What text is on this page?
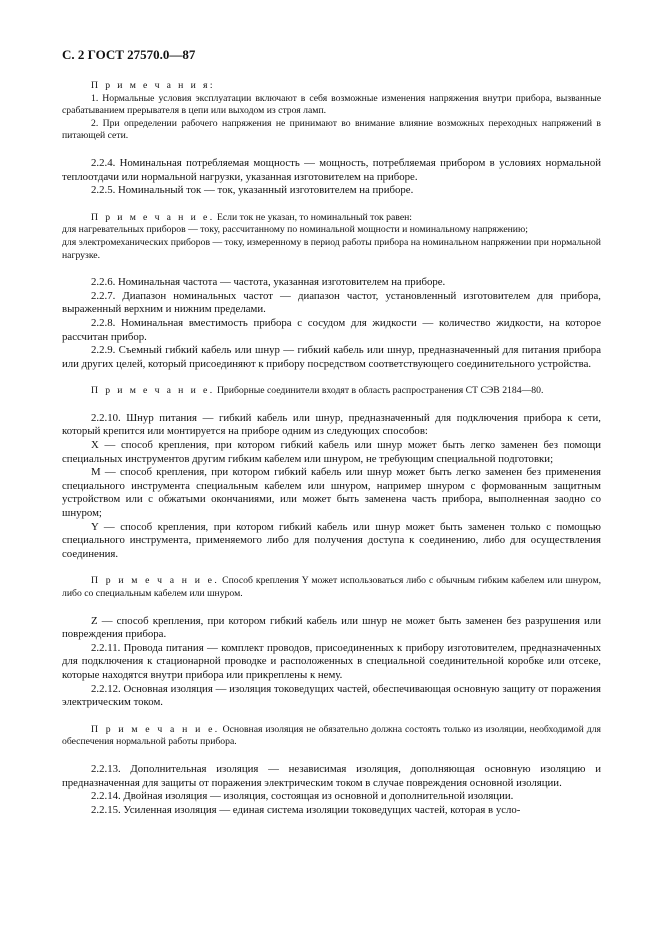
С. 2 ГОСТ 27570.0—87

П р и м е ч а н и я:

1. Нормальные условия эксплуатации включают в себя возможные изменения напряжения внутри прибора, вызванные срабатыванием прерывателя в цепи или выходом из строя ламп.

2. При определении рабочего напряжения не принимают во внимание влияние возможных переходных напряжений в питающей сети.

2.2.4. Номинальная потребляемая мощность — мощность, потребляемая прибором в условиях нормальной теплоотдачи или нормальной нагрузки, указанная изготовителем на приборе.

2.2.5. Номинальный ток — ток, указанный изготовителем на приборе.

П р и м е ч а н и е. Если ток не указан, то номинальный ток равен:

для нагревательных приборов — току, рассчитанному по номинальной мощности и номинальному напряжению;

для электромеханических приборов — току, измеренному в период работы прибора на номинальном напряжении при нормальной нагрузке.

2.2.6. Номинальная частота — частота, указанная изготовителем на приборе.

2.2.7. Диапазон номинальных частот — диапазон частот, установленный изготовителем для прибора, выраженный верхним и нижним пределами.

2.2.8. Номинальная вместимость прибора с сосудом для жидкости — количество жидкости, на которое рассчитан прибор.

2.2.9. Съемный гибкий кабель или шнур — гибкий кабель или шнур, предназначенный для питания прибора или других целей, который присоединяют к прибору посредством соответствующего соединительного устройства.

П р и м е ч а н и е. Приборные соединители входят в область распространения СТ СЭВ 2184—80.

2.2.10. Шнур питания — гибкий кабель или шнур, предназначенный для подключения прибора к сети, который крепится или монтируется на приборе одним из следующих способов:

X — способ крепления, при котором гибкий кабель или шнур может быть легко заменен без помощи специальных инструментов другим гибким кабелем или шнуром, не требующим специальной подготовки;

М — способ крепления, при котором гибкий кабель или шнур может быть легко заменен без применения специального инструмента специальным кабелем или шнуром, например шнуром с формованным защитным устройством или с обжатыми окончаниями, или может быть заменена часть прибора, выполненная заодно со шнуром;

Y — способ крепления, при котором гибкий кабель или шнур может быть заменен только с помощью специального инструмента, применяемого либо для получения доступа к соединению, либо для осуществления соединения.

П р и м е ч а н и е. Способ крепления Y может использоваться либо с обычным гибким кабелем или шнуром, либо со специальным кабелем или шнуром.

Z — способ крепления, при котором гибкий кабель или шнур не может быть заменен без разрушения или повреждения прибора.

2.2.11. Провода питания — комплект проводов, присоединенных к прибору изготовителем, предназначенных для подключения к стационарной проводке и расположенных в специальной соединительной коробке или отсеке, которые находятся внутри прибора или прикреплены к нему.

2.2.12. Основная изоляция — изоляция токоведущих частей, обеспечивающая основную защиту от поражения электрическим током.

П р и м е ч а н и е. Основная изоляция не обязательно должна состоять только из изоляции, необходимой для обеспечения нормальной работы прибора.

2.2.13. Дополнительная изоляция — независимая изоляция, дополняющая основную изоляцию и предназначенная для защиты от поражения электрическим током в случае повреждения основной изоляции.

2.2.14. Двойная изоляция — изоляция, состоящая из основной и дополнительной изоляции.

2.2.15. Усиленная изоляция — единая система изоляции токоведущих частей, которая в усло-
